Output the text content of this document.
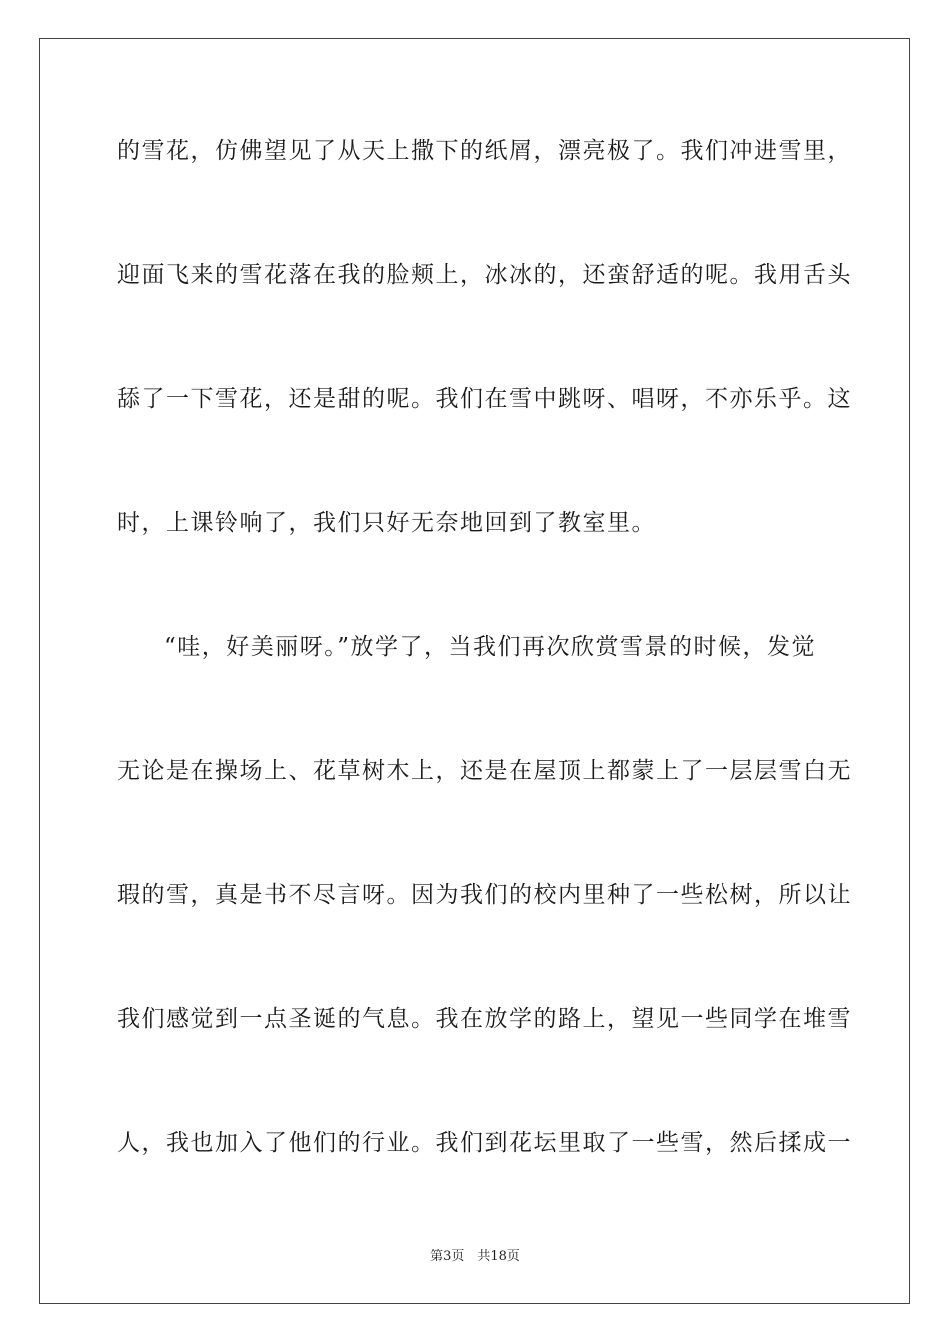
的雪花，仿佛望见了从天上撒下的纸屑，漂亮极了。我们冲进雪里，
迎面飞来的雪花落在我的脸颊上，冰冰的，还蛮舒适的呢。我用舌头
舔了一下雪花，还是甜的呢。我们在雪中跳呀、唱呀，不亦乐乎。这
时，上课铃响了，我们只好无奈地回到了教室里。
“哇，好美丽呀。”放学了，当我们再次欣赏雪景的时候，发觉
无论是在操场上、花草树木上，还是在屋顶上都蒙上了一层层雪白无
瑕的雪，真是书不尽言呀。因为我们的校内里种了一些松树，所以让
我们感觉到一点圣诞的气息。我在放学的路上，望见一些同学在堆雪
人，我也加入了他们的行业。我们到花坛里取了一些雪，然后揉成一
第3页　共18页
